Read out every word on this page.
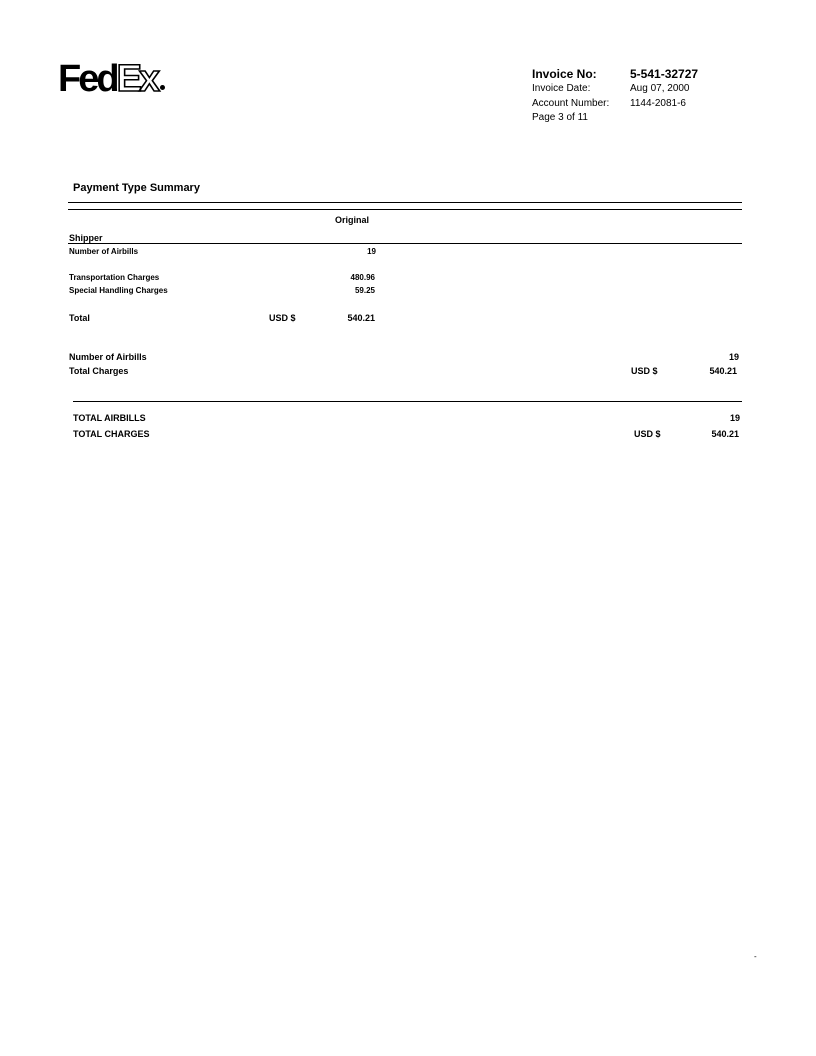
Fed Ex	Invoice No:	5-541-32727
Invoice Date:	Aug 07, 2000
Account Number: 1144-2081-6
Page 3 of 11
Payment Type Summary
Original
Shipper
Number of Airbills	19
Transportation Charges	480.96
Special Handling Charges	59.25
Total	USD $	540.21
Number of Airbills	19
Total Charges	USD $	540.21
TOTAL AIRBILLS	19
TOTAL CHARGES	USD $	540.21
-
